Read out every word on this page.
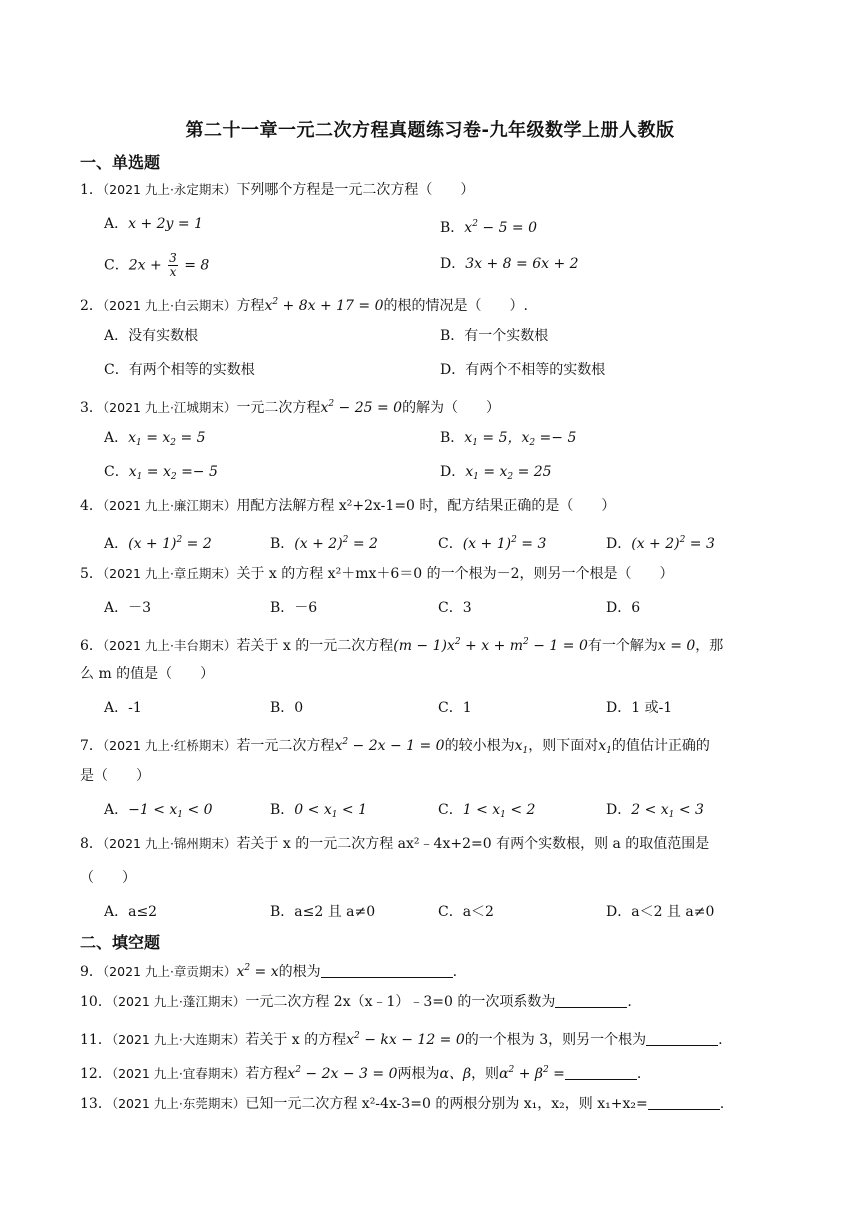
第二十一章一元二次方程真题练习卷-九年级数学上册人教版
一、单选题
1．（2021 九上·永定期末）下列哪个方程是一元二次方程（　　）
A．x + 2y = 1	B．$x^2 - 5 = 0$
C．$2x + \frac{3}{x} = 8$	D．3x + 8 = 6x + 2
2．（2021 九上·白云期末）方程$x^2 + 8x + 17 = 0$的根的情况是（　　）.
A．没有实数根	B．有一个实数根
C．有两个相等的实数根	D．有两个不相等的实数根
3．（2021 九上·江城期末）一元二次方程$x^2 - 25 = 0$的解为（　　）
A．$x_1 = x_2 = 5$	B．$x_1 = 5$，$x_2 =- 5$
C．$x_1 = x_2 =- 5$	D．$x_1 = x_2 = 25$
4．（2021 九上·廉江期末）用配方法解方程 x²+2x-1=0 时，配方结果正确的是（　　）
A．$(x + 1)^2 = 2$	B．$(x + 2)^2 = 2$	C．$(x + 1)^2 = 3$	D．$(x + 2)^2 = 3$
5．（2021 九上·章丘期末）关于 x 的方程 x²＋mx＋6＝0 的一个根为－2，则另一个根是（　　）
A．－3	B．－6	C．3	D．6
6．（2021 九上·丰台期末）若关于 x 的一元二次方程$(m - 1)x^2 + x + m^2 - 1 = 0$有一个解为x = 0，那
么 m 的值是（　　）
A．-1	B．0	C．1	D．1 或-1
7．（2021 九上·红桥期末）若一元二次方程$x^2 - 2x - 1 = 0$的较小根为$x_1$，则下面对$x_1$的值估计正确的
是（　　）
A．$-1 < x_1 < 0$	B．$0 < x_1 < 1$	C．$1 < x_1 < 2$	D．$2 < x_1 < 3$
8．（2021 九上·锦州期末）若关于 x 的一元二次方程 ax²﹣4x+2=0 有两个实数根，则 a 的取值范围是
（　　）
A．a≤2	B．a≤2 且 a≠0	C．a＜2	D．a＜2 且 a≠0
二、填空题
9．（2021 九上·章贡期末）$x^2 = x$的根为	.
10．（2021 九上·蓬江期末）一元二次方程 2x（x﹣1）﹣3=0 的一次项系数为	.
11．（2021 九上·大连期末）若关于 x 的方程$x^2$ − kx − 12 = 0的一个根为 3，则另一个根为	.
12．（2021 九上·宜春期末）若方程$x^2 - 2x - 3 = 0$两根为α、β，则$\alpha^2 + \beta^2$ =	.
13．（2021 九上·东莞期末）已知一元二次方程 x²-4x-3=0 的两根分别为 x₁，x₂，则 x₁+x₂=	.
